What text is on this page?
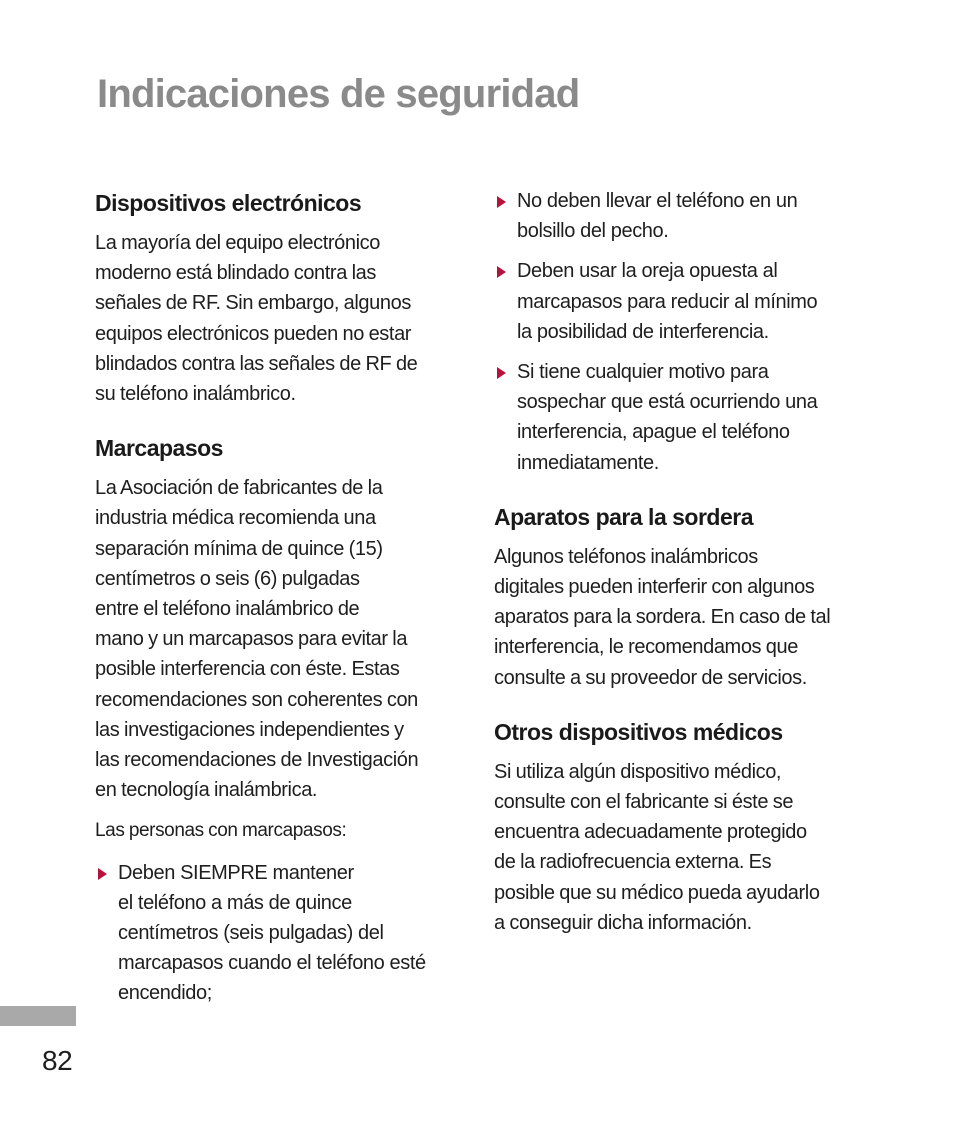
Indicaciones de seguridad
Dispositivos electrónicos

La mayoría del equipo electrónico
moderno está blindado contra las
señales de RF. Sin embargo, algunos
equipos electrónicos pueden no estar
blindados contra las señales de RF de
su teléfono inalámbrico.

Marcapasos

La Asociación de fabricantes de la
industria médica recomienda una
separación mínima de quince (15)
centímetros o seis (6) pulgadas
entre el teléfono inalámbrico de
mano y un marcapasos para evitar la
posible interferencia con éste. Estas
recomendaciones son coherentes con
las investigaciones independientes y
las recomendaciones de Investigación
en tecnología inalámbrica.

Las personas con marcapasos:

Deben SIEMPRE mantener
el teléfono a más de quince
centímetros (seis pulgadas) del
marcapasos cuando el teléfono esté
encendido;
No deben llevar el teléfono en un
bolsillo del pecho.
Deben usar la oreja opuesta al
marcapasos para reducir al mínimo
la posibilidad de interferencia.
Si tiene cualquier motivo para
sospechar que está ocurriendo una
interferencia, apague el teléfono
inmediatamente.
Aparatos para la sordera

Algunos teléfonos inalámbricos
digitales pueden interferir con algunos
aparatos para la sordera. En caso de tal
interferencia, le recomendamos que
consulte a su proveedor de servicios.

Otros dispositivos médicos

Si utiliza algún dispositivo médico,
consulte con el fabricante si éste se
encuentra adecuadamente protegido
de la radiofrecuencia externa. Es
posible que su médico pueda ayudarlo
a conseguir dicha información.

82
